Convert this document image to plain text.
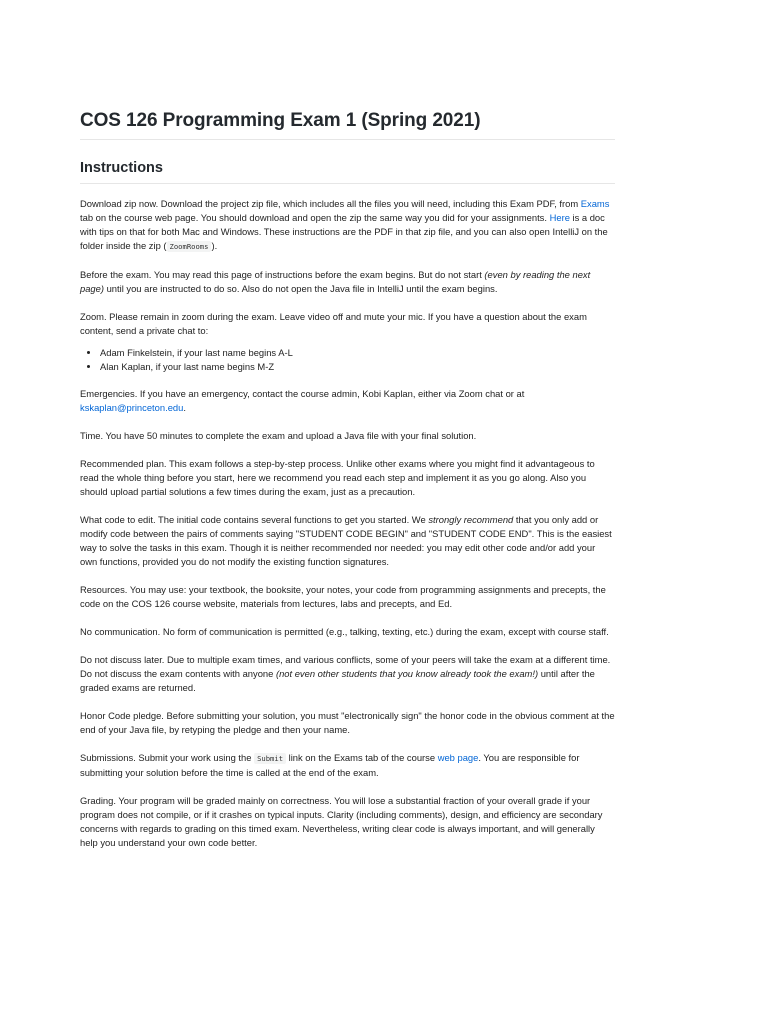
COS 126 Programming Exam 1 (Spring 2021)
Instructions

Download zip now. Download the project zip file, which includes all the files you will need, including this Exam PDF, from Exams tab on the course web page. You should download and open the zip the same way you did for your assignments. Here is a doc with tips on that for both Mac and Windows. These instructions are the PDF in that zip file, and you can also open IntelliJ on the folder inside the zip ( ZoomRooms ).

Before the exam. You may read this page of instructions before the exam begins. But do not start (even by reading the next page) until you are instructed to do so. Also do not open the Java file in IntelliJ until the exam begins.

Zoom. Please remain in zoom during the exam. Leave video off and mute your mic. If you have a question about the exam content, send a private chat to:

• Adam Finkelstein, if your last name begins A-L
• Alan Kaplan, if your last name begins M-Z

Emergencies. If you have an emergency, contact the course admin, Kobi Kaplan, either via Zoom chat or at kskaplan@princeton.edu.

Time. You have 50 minutes to complete the exam and upload a Java file with your final solution.

Recommended plan. This exam follows a step-by-step process. Unlike other exams where you might find it advantageous to read the whole thing before you start, here we recommend you read each step and implement it as you go along. Also you should upload partial solutions a few times during the exam, just as a precaution.

What code to edit. The initial code contains several functions to get you started. We strongly recommend that you only add or modify code between the pairs of comments saying "STUDENT CODE BEGIN" and "STUDENT CODE END". This is the easiest way to solve the tasks in this exam. Though it is neither recommended nor needed: you may edit other code and/or add your own functions, provided you do not modify the existing function signatures.

Resources. You may use: your textbook, the booksite, your notes, your code from programming assignments and precepts, the code on the COS 126 course website, materials from lectures, labs and precepts, and Ed.

No communication. No form of communication is permitted (e.g., talking, texting, etc.) during the exam, except with course staff.

Do not discuss later. Due to multiple exam times, and various conflicts, some of your peers will take the exam at a different time. Do not discuss the exam contents with anyone (not even other students that you know already took the exam!) until after the graded exams are returned.

Honor Code pledge. Before submitting your solution, you must "electronically sign" the honor code in the obvious comment at the end of your Java file, by retyping the pledge and then your name.

Submissions. Submit your work using the Submit link on the Exams tab of the course web page. You are responsible for submitting your solution before the time is called at the end of the exam.

Grading. Your program will be graded mainly on correctness. You will lose a substantial fraction of your overall grade if your program does not compile, or if it crashes on typical inputs. Clarity (including comments), design, and efficiency are secondary concerns with regards to grading on this timed exam. Nevertheless, writing clear code is always important, and will generally help you understand your own code better.
